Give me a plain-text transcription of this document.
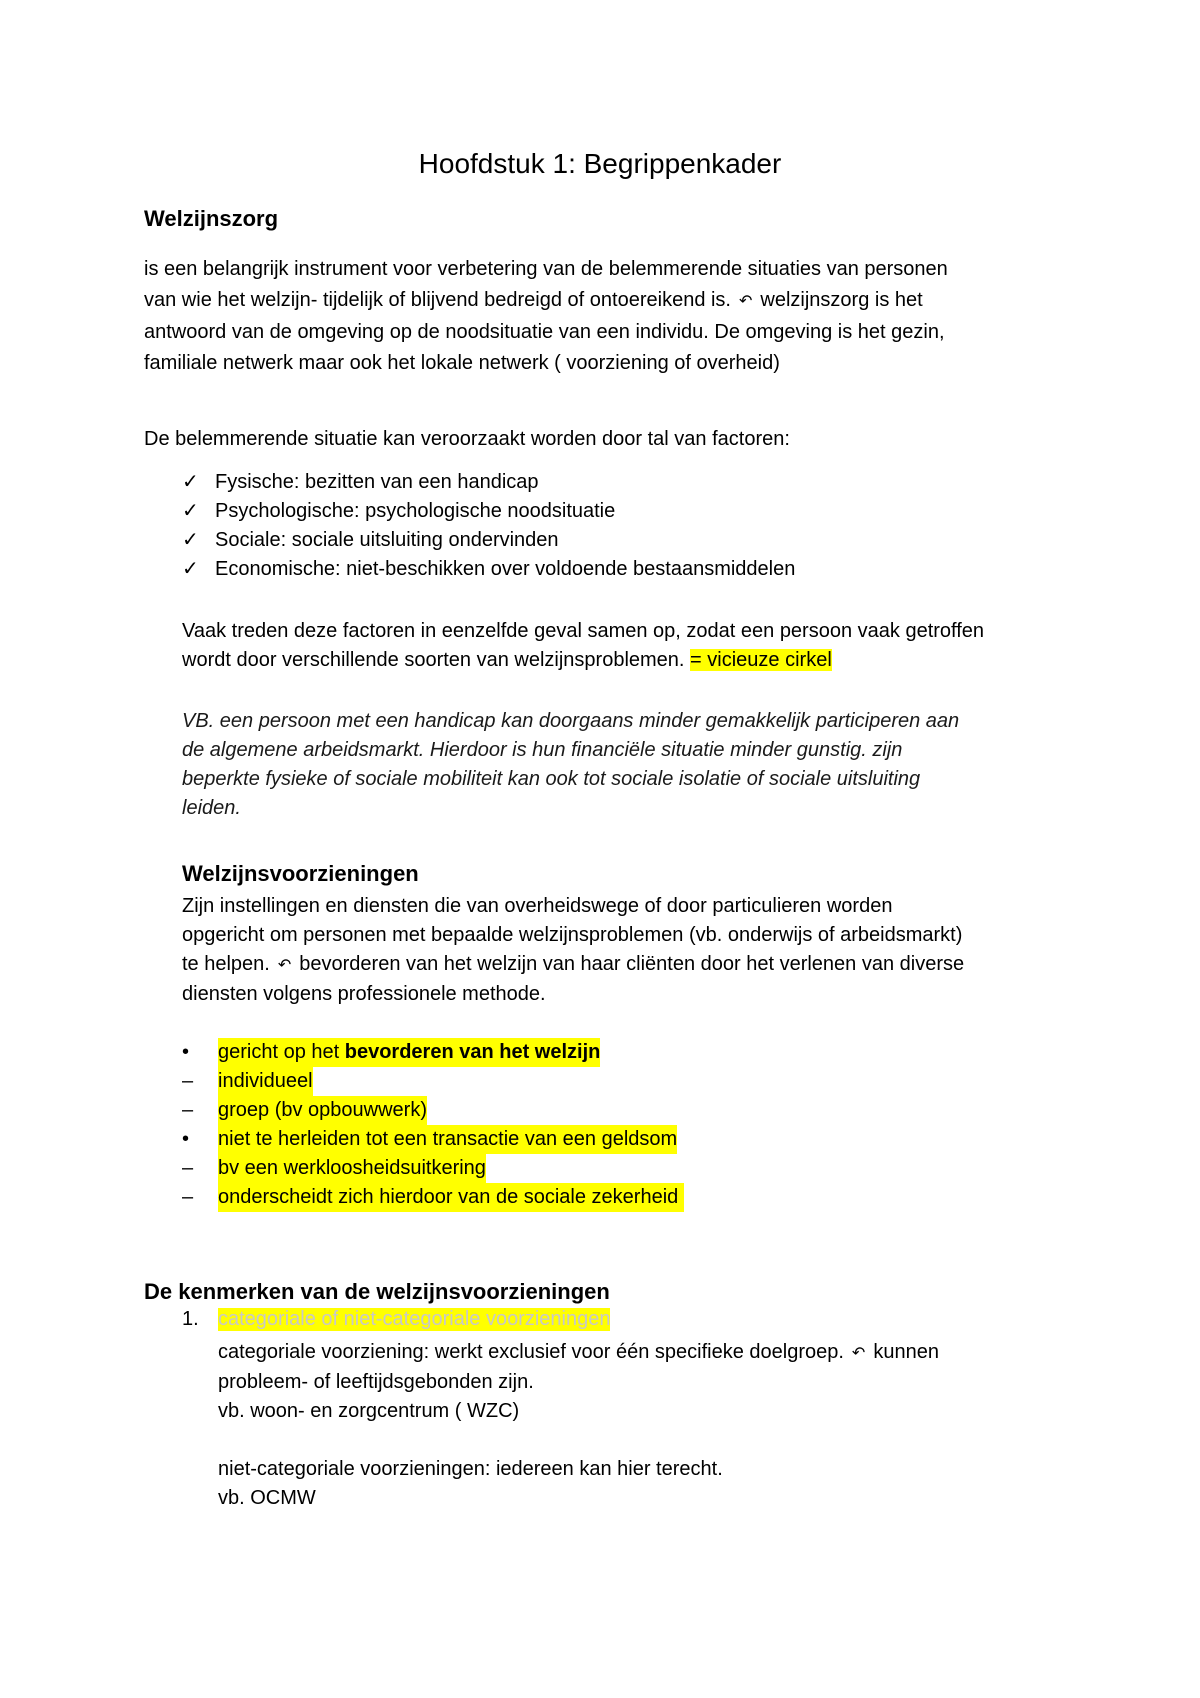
Hoofdstuk 1: Begrippenkader
Welzijnszorg
is een belangrijk instrument voor verbetering van de belemmerende situaties van personen
van wie het welzijn- tijdelijk of blijvend bedreigd of ontoereikend is. ↶ welzijnszorg is het
antwoord van de omgeving op de noodsituatie van een individu. De omgeving is het gezin,
familiale netwerk maar ook het lokale netwerk ( voorziening of overheid)
De belemmerende situatie kan veroorzaakt worden door tal van factoren:
✓ Fysische: bezitten van een handicap
✓ Psychologische: psychologische noodsituatie
✓ Sociale: sociale uitsluiting ondervinden
✓ Economische: niet-beschikken over voldoende bestaansmiddelen
Vaak treden deze factoren in eenzelfde geval samen op, zodat een persoon vaak getroffen
wordt door verschillende soorten van welzijnsproblemen. = vicieuze cirkel
VB. een persoon met een handicap kan doorgaans minder gemakkelijk participeren aan
de algemene arbeidsmarkt. Hierdoor is hun financiële situatie minder gunstig. zijn
beperkte fysieke of sociale mobiliteit kan ook tot sociale isolatie of sociale uitsluiting
leiden.
Welzijnsvoorzieningen
Zijn instellingen en diensten die van overheidswege of door particulieren worden
opgericht om personen met bepaalde welzijnsproblemen (vb. onderwijs of arbeidsmarkt)
te helpen. ↶ bevorderen van het welzijn van haar cliënten door het verlenen van diverse
diensten volgens professionele methode.
•	gericht op het bevorderen van het welzijn
–	individueel
–	groep (bv opbouwwerk)
•	niet te herleiden tot een transactie van een geldsom
–	bv een werkloosheidsuitkering
–	onderscheidt zich hierdoor van de sociale zekerheid
De kenmerken van de welzijnsvoorzieningen
1. categoriale of niet-categoriale voorzieningen
categoriale voorziening: werkt exclusief voor één specifieke doelgroep. ↶ kunnen
probleem- of leeftijdsgebonden zijn.
vb. woon- en zorgcentrum ( WZC)
niet-categoriale voorzieningen: iedereen kan hier terecht.
vb. OCMW
